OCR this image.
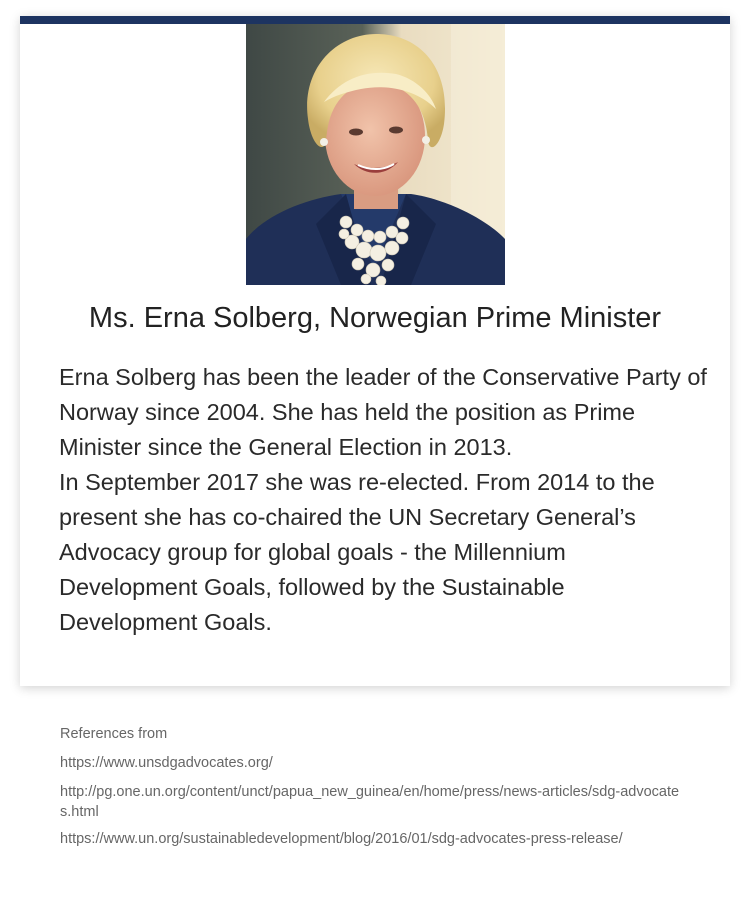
Ms. Erna Solberg, Norwegian Prime Minister

Erna Solberg has been the leader of the Conservative Party of Norway since 2004. She has held the position as Prime Minister since the General Election in 2013.

In September 2017 she was re-elected. From 2014 to the present she has co-chaired the UN Secretary General’s Advocacy group for global goals - the Millennium Development Goals, followed by the Sustainable Development Goals.

References from
https://www.unsdgadvocates.org/
http://pg.one.un.org/content/unct/papua_new_guinea/en/home/press/news-articles/sdg-advocates.html
https://www.un.org/sustainabledevelopment/blog/2016/01/sdg-advocates-press-release/
